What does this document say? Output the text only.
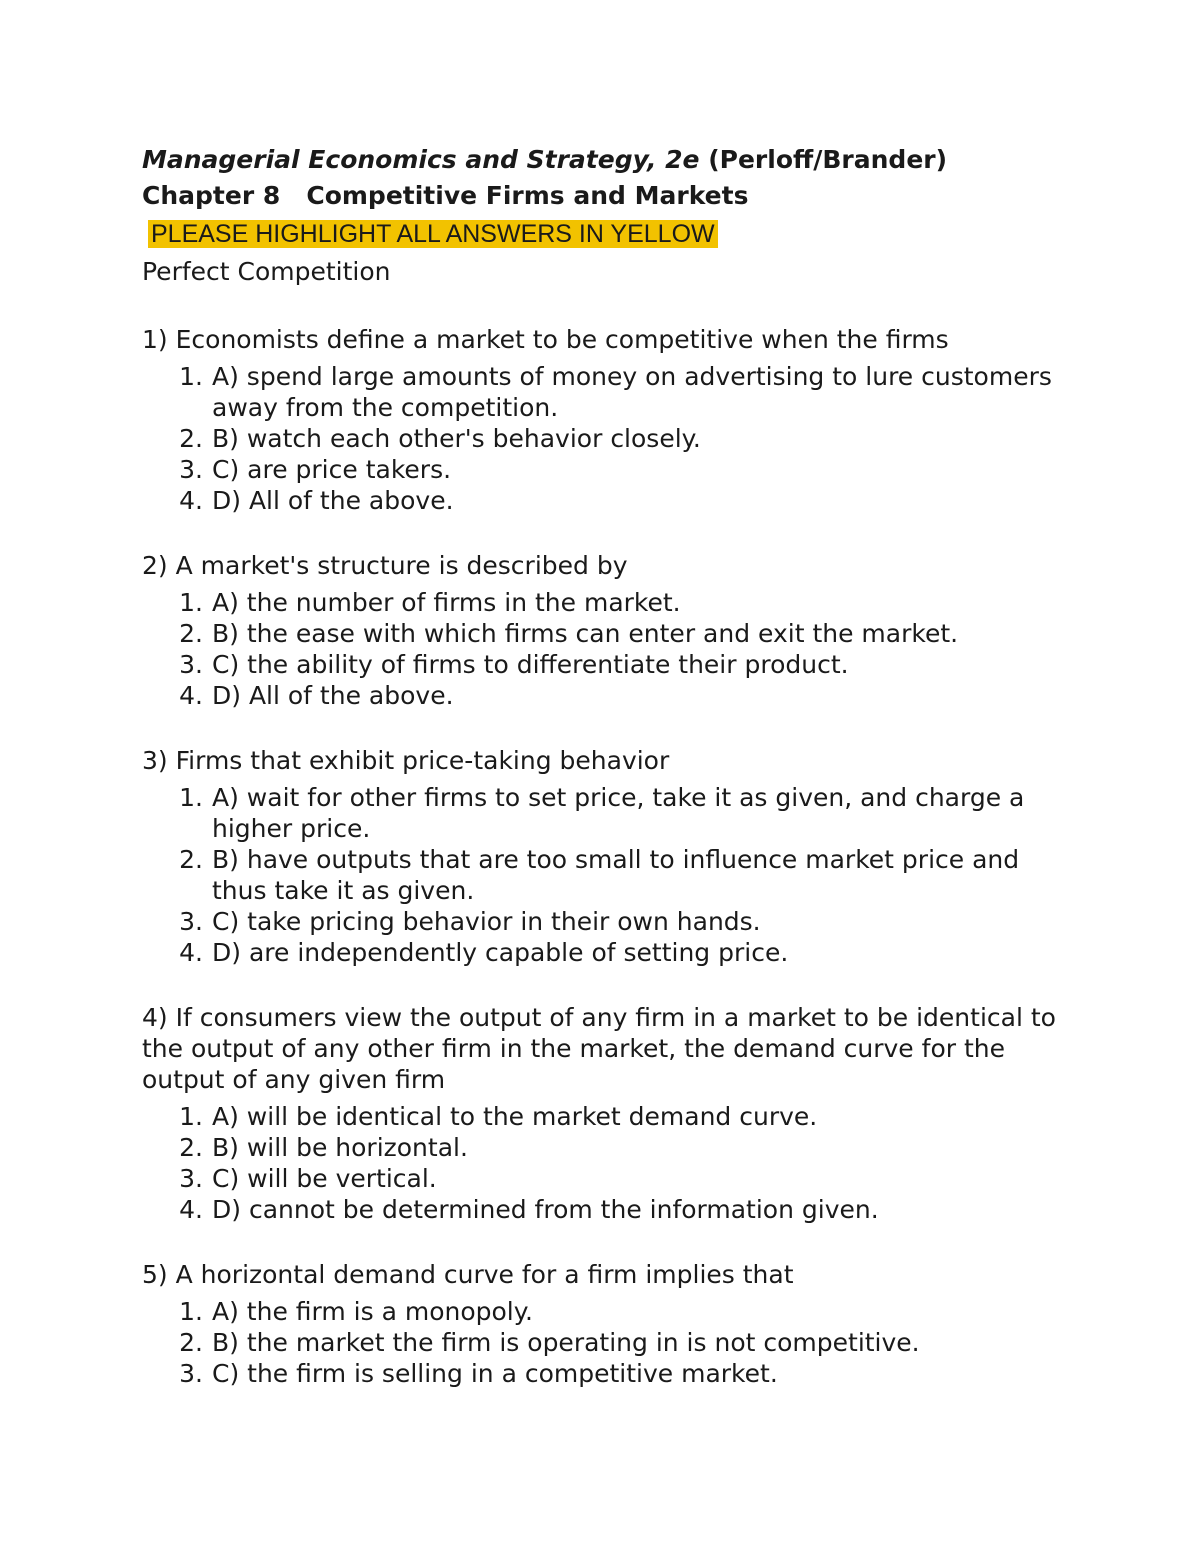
Managerial Economics and Strategy, 2e (Perloff/Brander)
Chapter 8   Competitive Firms and Markets
PLEASE HIGHLIGHT ALL ANSWERS IN YELLOW
Perfect Competition
1) Economists define a market to be competitive when the firms
1. A) spend large amounts of money on advertising to lure customers away from the competition.
2. B) watch each other's behavior closely.
3. C) are price takers.
4. D) All of the above.
2) A market's structure is described by
1. A) the number of firms in the market.
2. B) the ease with which firms can enter and exit the market.
3. C) the ability of firms to differentiate their product.
4. D) All of the above.
3) Firms that exhibit price-taking behavior
1. A) wait for other firms to set price, take it as given, and charge a higher price.
2. B) have outputs that are too small to influence market price and thus take it as given.
3. C) take pricing behavior in their own hands.
4. D) are independently capable of setting price.
4) If consumers view the output of any firm in a market to be identical to the output of any other firm in the market, the demand curve for the output of any given firm
1. A) will be identical to the market demand curve.
2. B) will be horizontal.
3. C) will be vertical.
4. D) cannot be determined from the information given.
5) A horizontal demand curve for a firm implies that
1. A) the firm is a monopoly.
2. B) the market the firm is operating in is not competitive.
3. C) the firm is selling in a competitive market.
